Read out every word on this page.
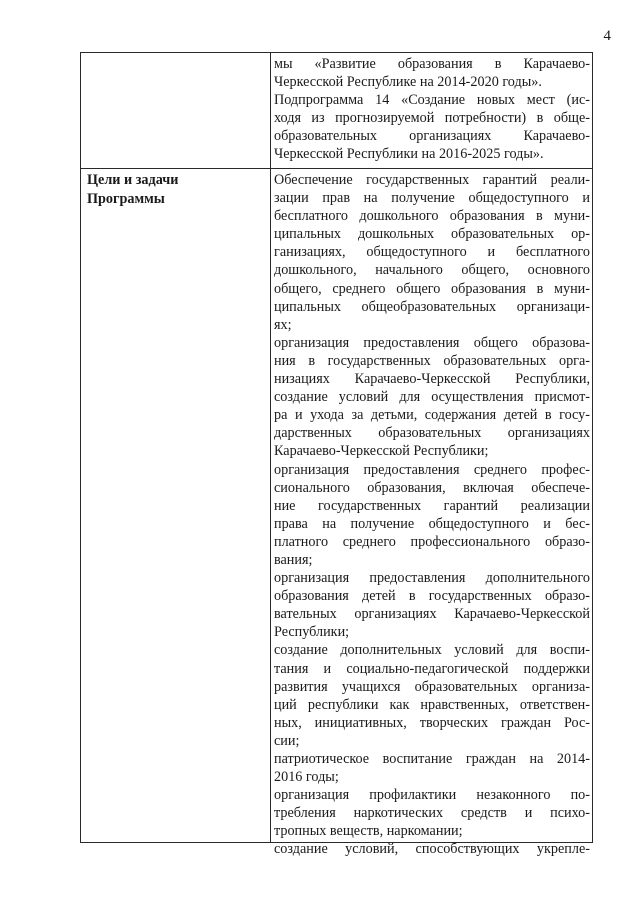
4
мы «Развитие образования в Карачаево-
Черкесской Республике на 2014-2020 годы».
Подпрограмма 14 «Создание новых мест (ис-
ходя из прогнозируемой потребности) в обще-
образовательных организациях Карачаево-
Черкесской Республики на 2016-2025 годы».
Цели и задачи
Программы
Обеспечение государственных гарантий реали-
зации прав на получение общедоступного и
бесплатного дошкольного образования в муни-
ципальных дошкольных образовательных ор-
ганизациях, общедоступного и бесплатного
дошкольного, начального общего, основного
общего, среднего общего образования в муни-
ципальных общеобразовательных организаци-
ях;
организация предоставления общего образова-
ния в государственных образовательных орга-
низациях Карачаево-Черкесской Республики,
создание условий для осуществления присмот-
ра и ухода за детьми, содержания детей в госу-
дарственных образовательных организациях
Карачаево-Черкесской Республики;
организация предоставления среднего профес-
сионального образования, включая обеспече-
ние государственных гарантий реализации
права на получение общедоступного и бес-
платного среднего профессионального образо-
вания;
организация предоставления дополнительного
образования детей в государственных образо-
вательных организациях Карачаево-Черкесской
Республики;
создание дополнительных условий для воспи-
тания и социально-педагогической поддержки
развития учащихся образовательных организа-
ций республики как нравственных, ответствен-
ных, инициативных, творческих граждан Рос-
сии;
патриотическое воспитание граждан на 2014-
2016 годы;
организация профилактики незаконного по-
требления наркотических средств и психо-
тропных веществ, наркомании;
создание условий, способствующих укрепле-
